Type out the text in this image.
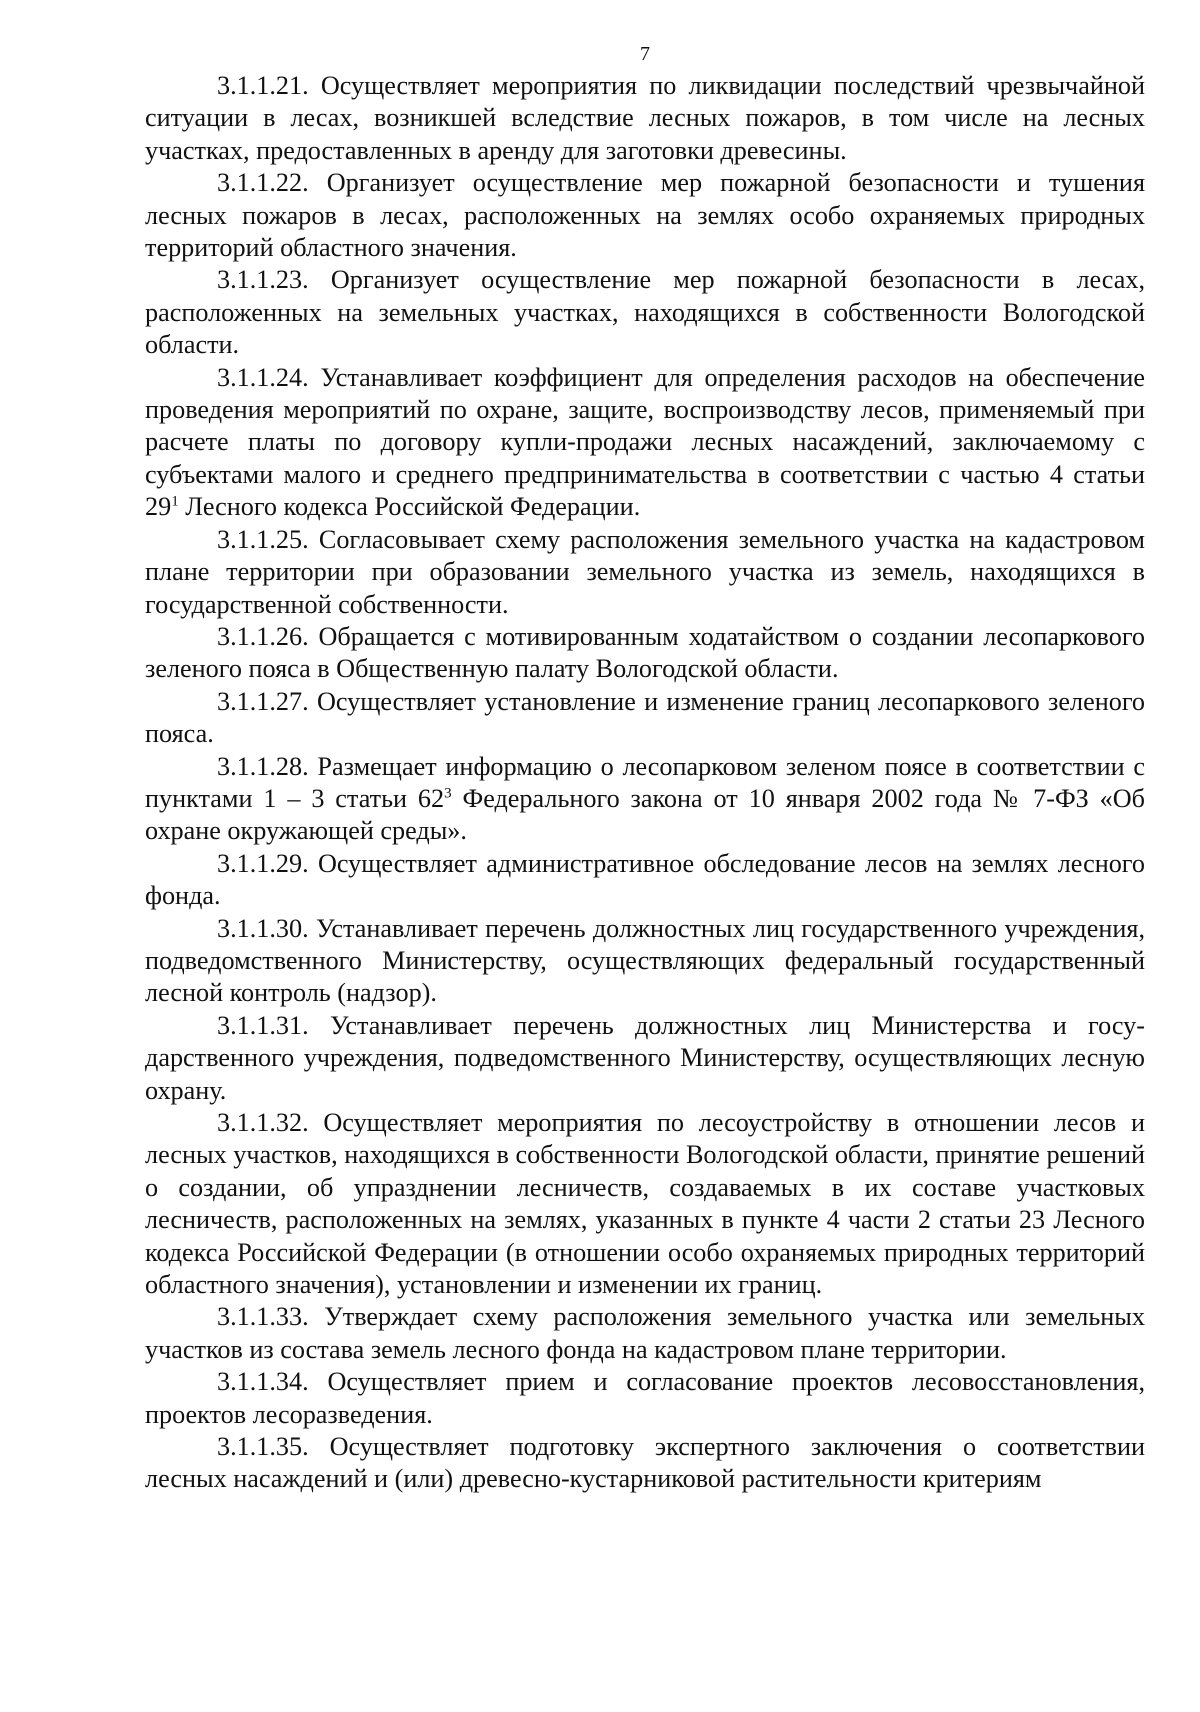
7

3.1.1.21. Осуществляет мероприятия по ликвидации последствий чрезвычайной ситуации в лесах, возникшей вследствие лесных пожаров, в том числе на лесных участках, предоставленных в аренду для заготовки древесины.

3.1.1.22. Организует осуществление мер пожарной безопасности и тушения лесных пожаров в лесах, расположенных на землях особо охраняемых природных территорий областного значения.

3.1.1.23. Организует осуществление мер пожарной безопасности в лесах, расположенных на земельных участках, находящихся в собственности Вологодской области.

3.1.1.24. Устанавливает коэффициент для определения расходов на обеспечение проведения мероприятий по охране, защите, воспроизводству лесов, применяемый при расчете платы по договору купли-продажи лесных насаждений, заключаемому с субъектами малого и среднего предпринимательства в соответствии с частью 4 статьи $29^1$ Лесного кодекса Российской Федерации.

3.1.1.25. Согласовывает схему расположения земельного участка на кадастровом плане территории при образовании земельного участка из земель, находящихся в государственной собственности.

3.1.1.26. Обращается с мотивированным ходатайством о создании лесопаркового зеленого пояса в Общественную палату Вологодской области.

3.1.1.27. Осуществляет установление и изменение границ лесопаркового зеленого пояса.

3.1.1.28. Размещает информацию о лесопарковом зеленом поясе в соответствии с пунктами 1 – 3 статьи $62^3$ Федерального закона от 10 января 2002 года № 7-ФЗ «Об охране окружающей среды».

3.1.1.29. Осуществляет административное обследование лесов на землях лесного фонда.

3.1.1.30. Устанавливает перечень должностных лиц государственного учреждения, подведомственного Министерству, осуществляющих федеральный государственный лесной контроль (надзор).

3.1.1.31. Устанавливает перечень должностных лиц Министерства и государственного учреждения, подведомственного Министерству, осуществляющих лесную охрану.

3.1.1.32. Осуществляет мероприятия по лесоустройству в отношении лесов и лесных участков, находящихся в собственности Вологодской области, принятие решений о создании, об упразднении лесничеств, создаваемых в их составе участковых лесничеств, расположенных на землях, указанных в пункте 4 части 2 статьи 23 Лесного кодекса Российской Федерации (в отношении особо охраняемых природных территорий областного значения), установлении и изменении их границ.

3.1.1.33. Утверждает схему расположения земельного участка или земельных участков из состава земель лесного фонда на кадастровом плане территории.

3.1.1.34. Осуществляет прием и согласование проектов лесовосстановления, проектов лесоразведения.

3.1.1.35. Осуществляет подготовку экспертного заключения о соответствии лесных насаждений и (или) древесно-кустарниковой растительности критериям
